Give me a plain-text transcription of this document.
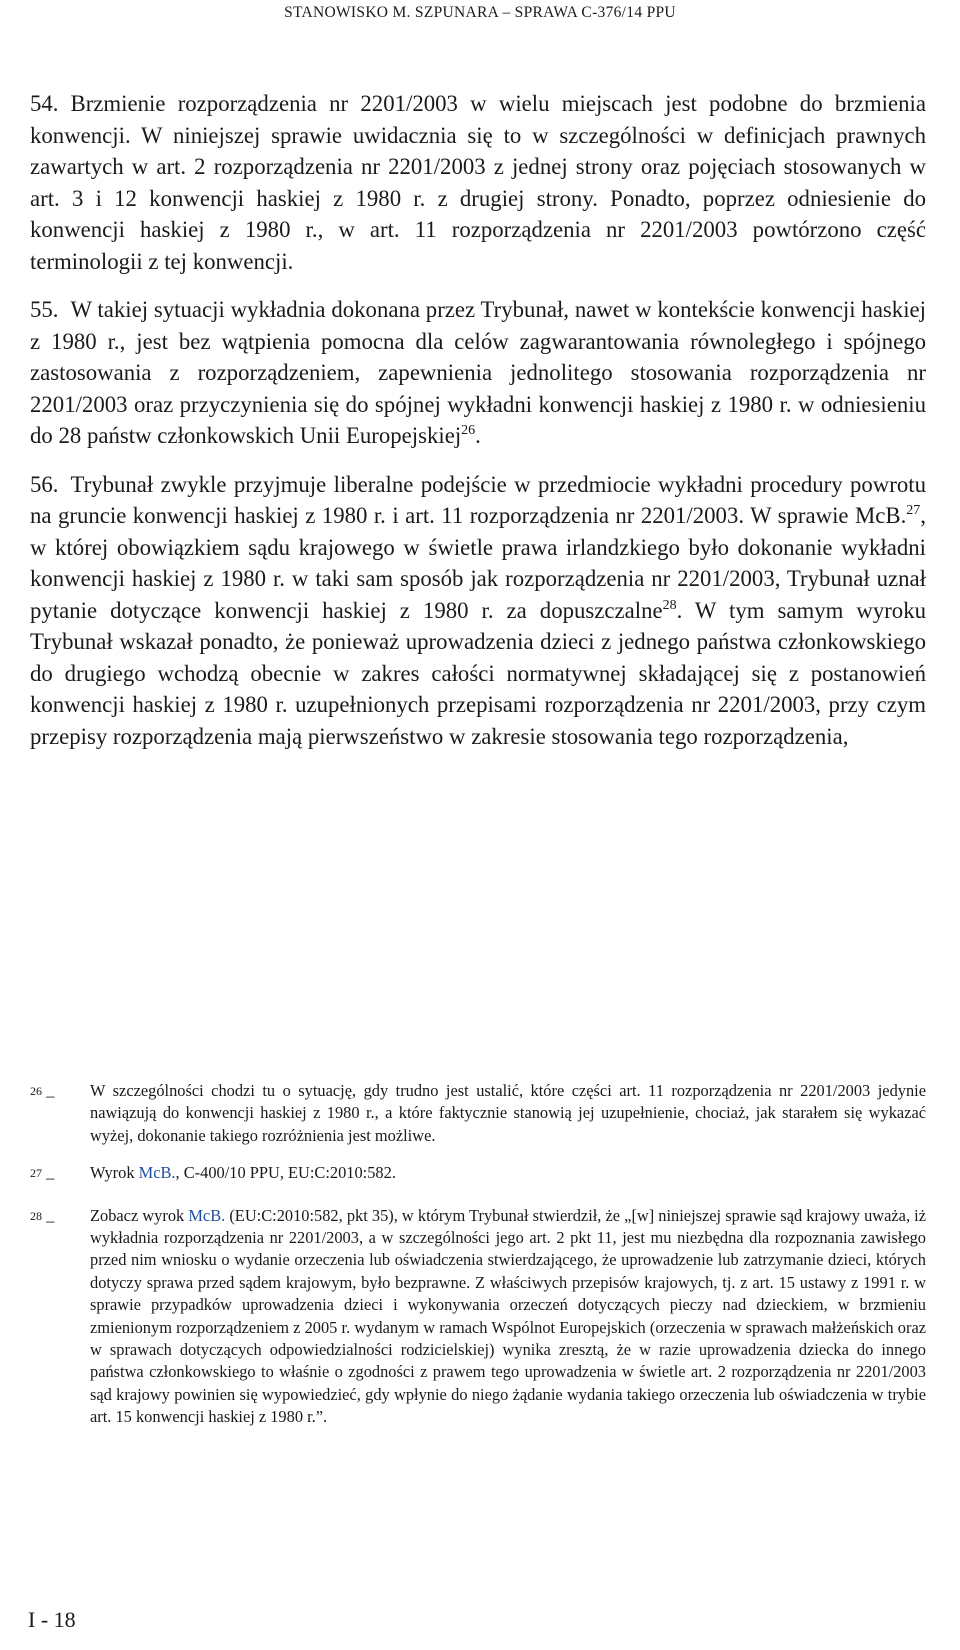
STANOWISKO M. SZPUNARA – SPRAWA C-376/14 PPU

54. Brzmienie rozporządzenia nr 2201/2003 w wielu miejscach jest podobne do brzmienia konwencji. W niniejszej sprawie uwidacznia się to w szczególności w definicjach prawnych zawartych w art. 2 rozporządzenia nr 2201/2003 z jednej strony oraz pojęciach stosowanych w art. 3 i 12 konwencji haskiej z 1980 r. z drugiej strony. Ponadto, poprzez odniesienie do konwencji haskiej z 1980 r., w art. 11 rozporządzenia nr 2201/2003 powtórzono część terminologii z tej konwencji.

55. W takiej sytuacji wykładnia dokonana przez Trybunał, nawet w kontekście konwencji haskiej z 1980 r., jest bez wątpienia pomocna dla celów zagwarantowania równoległego i spójnego zastosowania z rozporządzeniem, zapewnienia jednolitego stosowania rozporządzenia nr 2201/2003 oraz przyczynienia się do spójnej wykładni konwencji haskiej z 1980 r. w odniesieniu do 28 państw członkowskich Unii Europejskiej$^{26}$.

56. Trybunał zwykle przyjmuje liberalne podejście w przedmiocie wykładni procedury powrotu na gruncie konwencji haskiej z 1980 r. i art. 11 rozporządzenia nr 2201/2003. W sprawie McB.$^{27}$, w której obowiązkiem sądu krajowego w świetle prawa irlandzkiego było dokonanie wykładni konwencji haskiej z 1980 r. w taki sam sposób jak rozporządzenia nr 2201/2003, Trybunał uznał pytanie dotyczące konwencji haskiej z 1980 r. za dopuszczalne$^{28}$. W tym samym wyroku Trybunał wskazał ponadto, że ponieważ uprowadzenia dzieci z jednego państwa członkowskiego do drugiego wchodzą obecnie w zakres całości normatywnej składającej się z postanowień konwencji haskiej z 1980 r. uzupełnionych przepisami rozporządzenia nr 2201/2003, przy czym przepisy rozporządzenia mają pierwszeństwo w zakresie stosowania tego rozporządzenia,

$^{26}$ –	W szczególności chodzi tu o sytuację, gdy trudno jest ustalić, które części art. 11 rozporządzenia nr 2201/2003 jedynie nawiązują do konwencji haskiej z 1980 r., a które faktycznie stanowią jej uzupełnienie, chociaż, jak starałem się wykazać wyżej, dokonanie takiego rozróżnienia jest możliwe.
$^{27}$ –	Wyrok McB., C-400/10 PPU, EU:C:2010:582.
$^{28}$ –	Zobacz wyrok McB. (EU:C:2010:582, pkt 35), w którym Trybunał stwierdził, że „[w] niniejszej sprawie sąd krajowy uważa, iż wykładnia rozporządzenia nr 2201/2003, a w szczególności jego art. 2 pkt 11, jest mu niezbędna dla rozpoznania zawisłego przed nim wniosku o wydanie orzeczenia lub oświadczenia stwierdzającego, że uprowadzenie lub zatrzymanie dzieci, których dotyczy sprawa przed sądem krajowym, było bezprawne. Z właściwych przepisów krajowych, tj. z art. 15 ustawy z 1991 r. w sprawie przypadków uprowadzenia dzieci i wykonywania orzeczeń dotyczących pieczy nad dzieckiem, w brzmieniu zmienionym rozporządzeniem z 2005 r. wydanym w ramach Wspólnot Europejskich (orzeczenia w sprawach małżeńskich oraz w sprawach dotyczących odpowiedzialności rodzicielskiej) wynika zresztą, że w razie uprowadzenia dziecka do innego państwa członkowskiego to właśnie o zgodności z prawem tego uprowadzenia w świetle art. 2 rozporządzenia nr 2201/2003 sąd krajowy powinien się wypowiedzieć, gdy wpłynie do niego żądanie wydania takiego orzeczenia lub oświadczenia w trybie art. 15 konwencji haskiej z 1980 r.”.
I - 18
